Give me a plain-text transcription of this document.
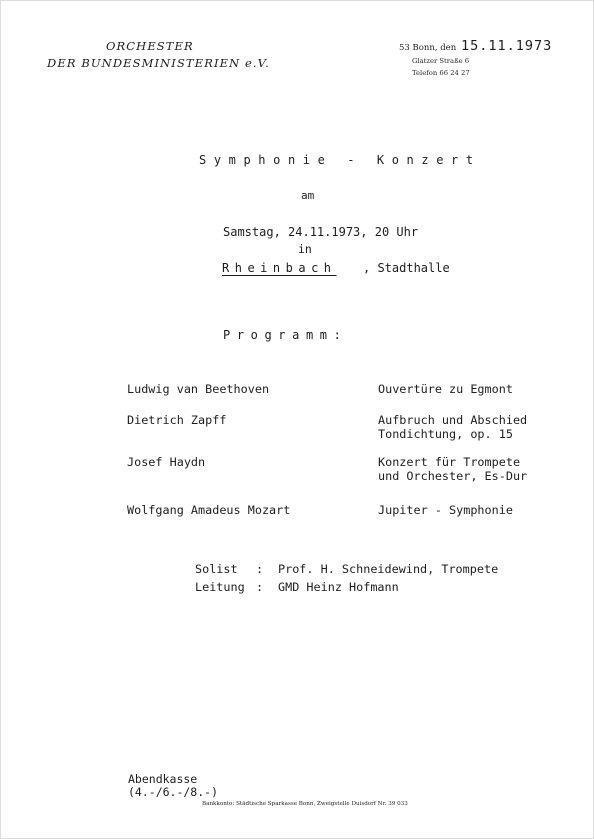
ORCHESTER
DER BUNDESMINISTERIEN e.V.
53 Bonn, den 15.11.1973
Glatzer Straße 6
Telefon 66 24 27
Symphonie - Konzert
am
Samstag, 24.11.1973, 20 Uhr
in
Rheinbach , Stadthalle
Programm:
Ludwig van Beethoven	Ouvertüre zu Egmont
Dietrich Zapff	Aufbruch und Abschied
Tondichtung, op. 15
Josef Haydn	Konzert für Trompete
und Orchester, Es-Dur
Wolfgang Amadeus Mozart	Jupiter - Symphonie
Solist : Prof. H. Schneidewind, Trompete
Leitung : GMD Heinz Hofmann
Abendkasse
(4.-/6.-/8.-)
Bankkonto: Städtische Sparkasse Bonn, Zweigstelle Duisdorf Nr. 39 033
